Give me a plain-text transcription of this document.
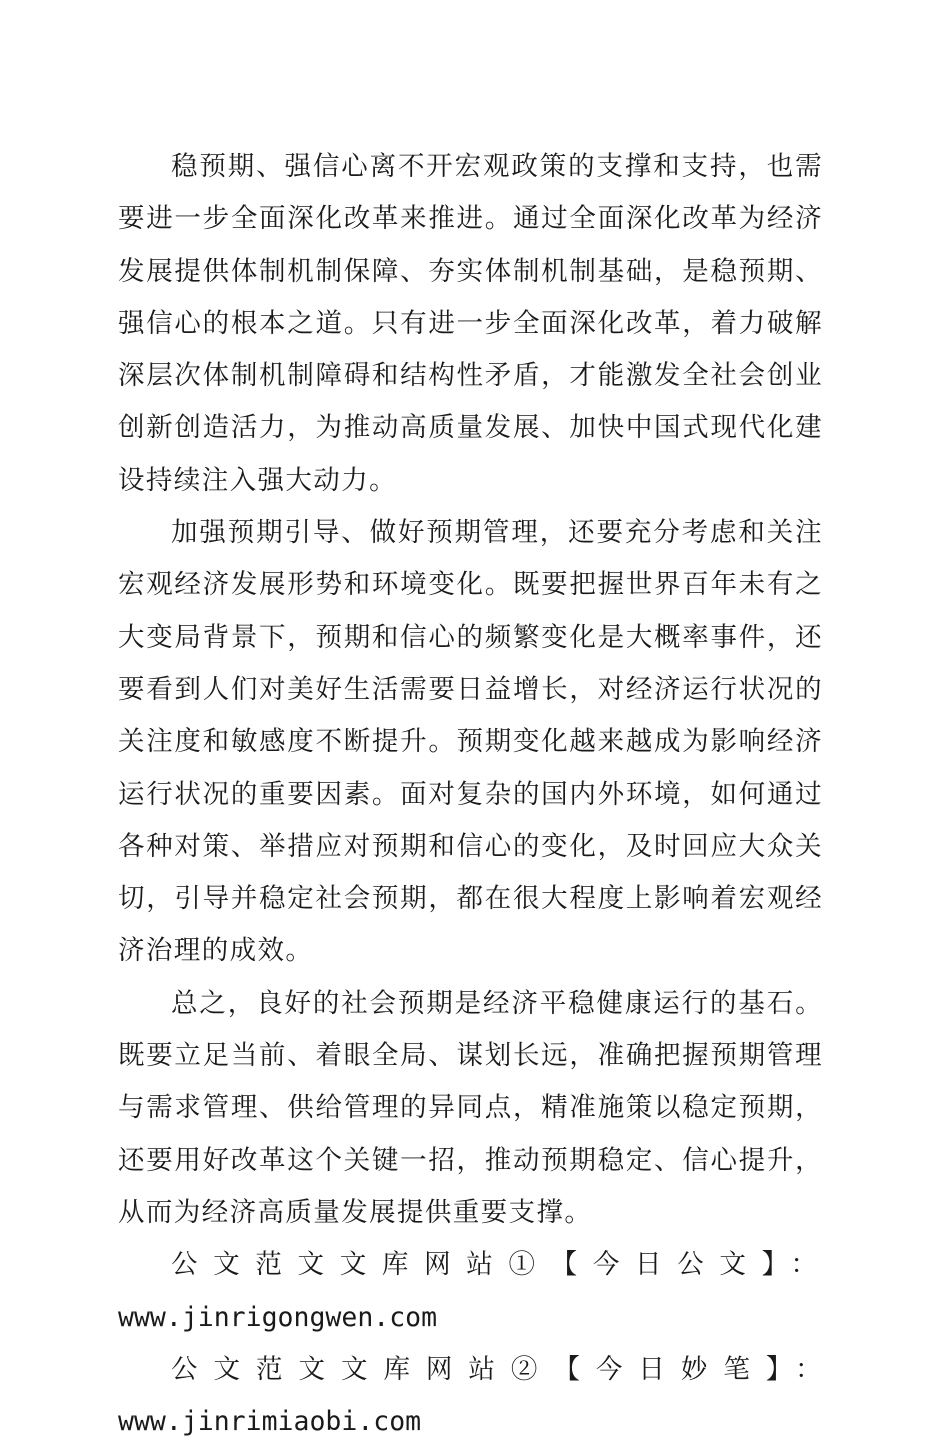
稳预期、强信心离不开宏观政策的支撑和支持，也需要进一步全面深化改革来推进。通过全面深化改革为经济发展提供体制机制保障、夯实体制机制基础，是稳预期、强信心的根本之道。只有进一步全面深化改革，着力破解深层次体制机制障碍和结构性矛盾，才能激发全社会创业创新创造活力，为推动高质量发展、加快中国式现代化建设持续注入强大动力。

加强预期引导、做好预期管理，还要充分考虑和关注宏观经济发展形势和环境变化。既要把握世界百年未有之大变局背景下，预期和信心的频繁变化是大概率事件，还要看到人们对美好生活需要日益增长，对经济运行状况的关注度和敏感度不断提升。预期变化越来越成为影响经济运行状况的重要因素。面对复杂的国内外环境，如何通过各种对策、举措应对预期和信心的变化，及时回应大众关切，引导并稳定社会预期，都在很大程度上影响着宏观经济治理的成效。

总之，良好的社会预期是经济平稳健康运行的基石。既要立足当前、着眼全局、谋划长远，准确把握预期管理与需求管理、供给管理的异同点，精准施策以稳定预期，还要用好改革这个关键一招，推动预期稳定、信心提升，从而为经济高质量发展提供重要支撑。

公文范文文库网站①【今日公文】：

www.jinrigongwen.com

公文范文文库网站②【今日妙笔】：www.jinrimiaobi.com
